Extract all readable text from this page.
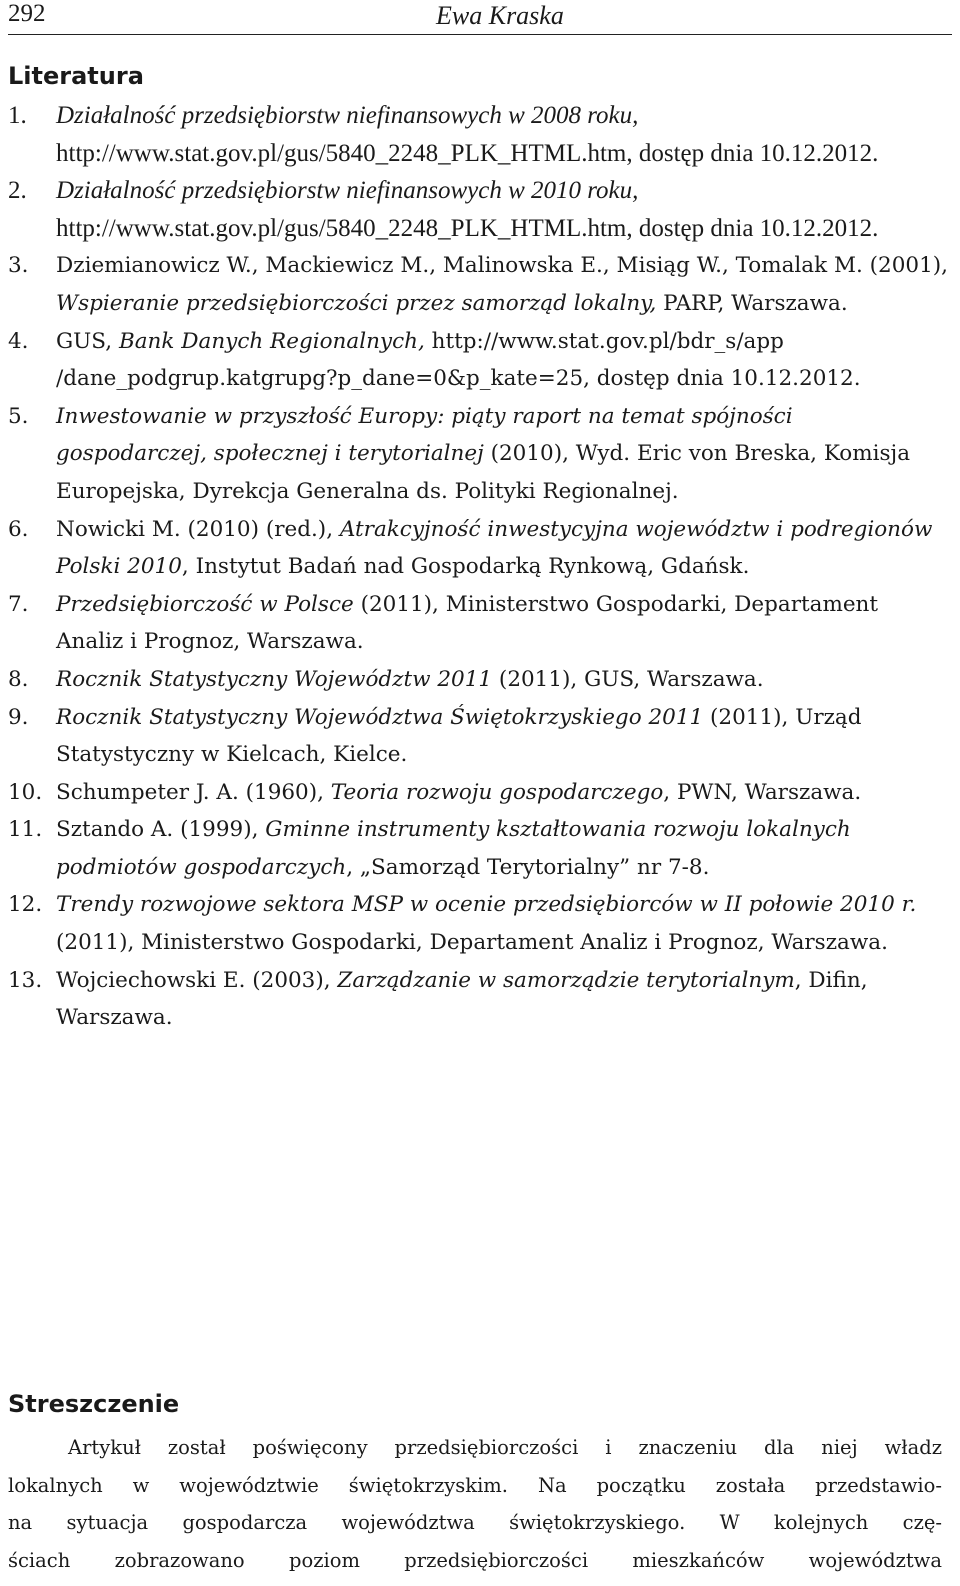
292	Ewa Kraska
Literatura
1. Działalność przedsiębiorstw niefinansowych w 2008 roku, http://www.stat.gov.pl/gus/5840_2248_PLK_HTML.htm, dostęp dnia 10.12.2012.
2. Działalność przedsiębiorstw niefinansowych w 2010 roku, http://www.stat.gov.pl/gus/5840_2248_PLK_HTML.htm, dostęp dnia 10.12.2012.
3. Dziemianowicz W., Mackiewicz M., Malinowska E., Misiąg W., Tomalak M. (2001), Wspieranie przedsiębiorczości przez samorząd lokalny, PARP, Warszawa.
4. GUS, Bank Danych Regionalnych, http://www.stat.gov.pl/bdr_s/app /dane_podgrup.katgrupg?p_dane=0&p_kate=25, dostęp dnia 10.12.2012.
5. Inwestowanie w przyszłość Europy: piąty raport na temat spójności gospodarczej, społecznej i terytorialnej (2010), Wyd. Eric von Breska, Komisja Europejska, Dyrekcja Generalna ds. Polityki Regionalnej.
6. Nowicki M. (2010) (red.), Atrakcyjność inwestycyjna województw i podregionów Polski 2010, Instytut Badań nad Gospodarką Rynkową, Gdańsk.
7. Przedsiębiorczość w Polsce (2011), Ministerstwo Gospodarki, Departament Analiz i Prognoz, Warszawa.
8. Rocznik Statystyczny Województw 2011 (2011), GUS, Warszawa.
9. Rocznik Statystyczny Województwa Świętokrzyskiego 2011 (2011), Urząd Statystyczny w Kielcach, Kielce.
10. Schumpeter J. A. (1960), Teoria rozwoju gospodarczego, PWN, Warszawa.
11. Sztando A. (1999), Gminne instrumenty kształtowania rozwoju lokalnych podmiotów gospodarczych, „Samorząd Terytorialny” nr 7-8.
12. Trendy rozwojowe sektora MSP w ocenie przedsiębiorców w II połowie 2010 r. (2011), Ministerstwo Gospodarki, Departament Analiz i Prognoz, Warszawa.
13. Wojciechowski E. (2003), Zarządzanie w samorządzie terytorialnym, Difin, Warszawa.
Streszczenie
Artykuł został poświęcony przedsiębiorczości i znaczeniu dla niej władz
lokalnych w województwie świętokrzyskim. Na początku została przedstawio-
na sytuacja gospodarcza województwa świętokrzyskiego. W kolejnych czę-
ściach zobrazowano poziom przedsiębiorczości mieszkańców województwa
